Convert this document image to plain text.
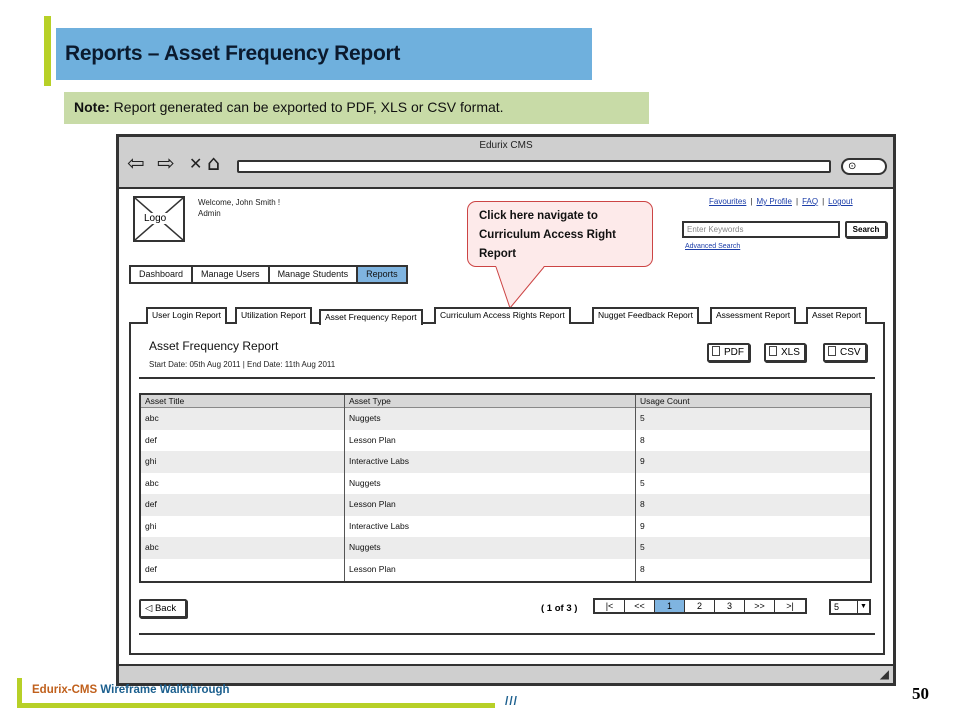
Reports – Asset Frequency Report
Note: Report generated can be exported to PDF, XLS or CSV format.
Edurix CMS
⇦ ⇨ ✕ ⌂	⊙
Logo
Welcome, John Smith !
Admin
Favourites | My Profile | FAQ | Logout
Enter Keywords	Search
Advanced Search
Dashboard	Manage Users	Manage Students	Reports
Click here navigate to Curriculum Access Right Report
User Login Report	Utilization Report	Asset Frequency Report	Curriculum Access Rights Report	Nugget Feedback Report	Assessment Report	Asset Report
Asset Frequency Report
Start Date: 05th Aug 2011 | End Date: 11th Aug 2011
PDF	XLS	CSV
Asset Title	Asset Type	Usage Count
abc	Nuggets	5
def	Lesson Plan	8
ghi	Interactive Labs	9
abc	Nuggets	5
def	Lesson Plan	8
ghi	Interactive Labs	9
abc	Nuggets	5
def	Lesson Plan	8
◁ Back	( 1 of 3 )	|<	<<	1	2	3	>>	>|	5	▼
◢
Edurix-CMS Wireframe Walkthrough
///	50
